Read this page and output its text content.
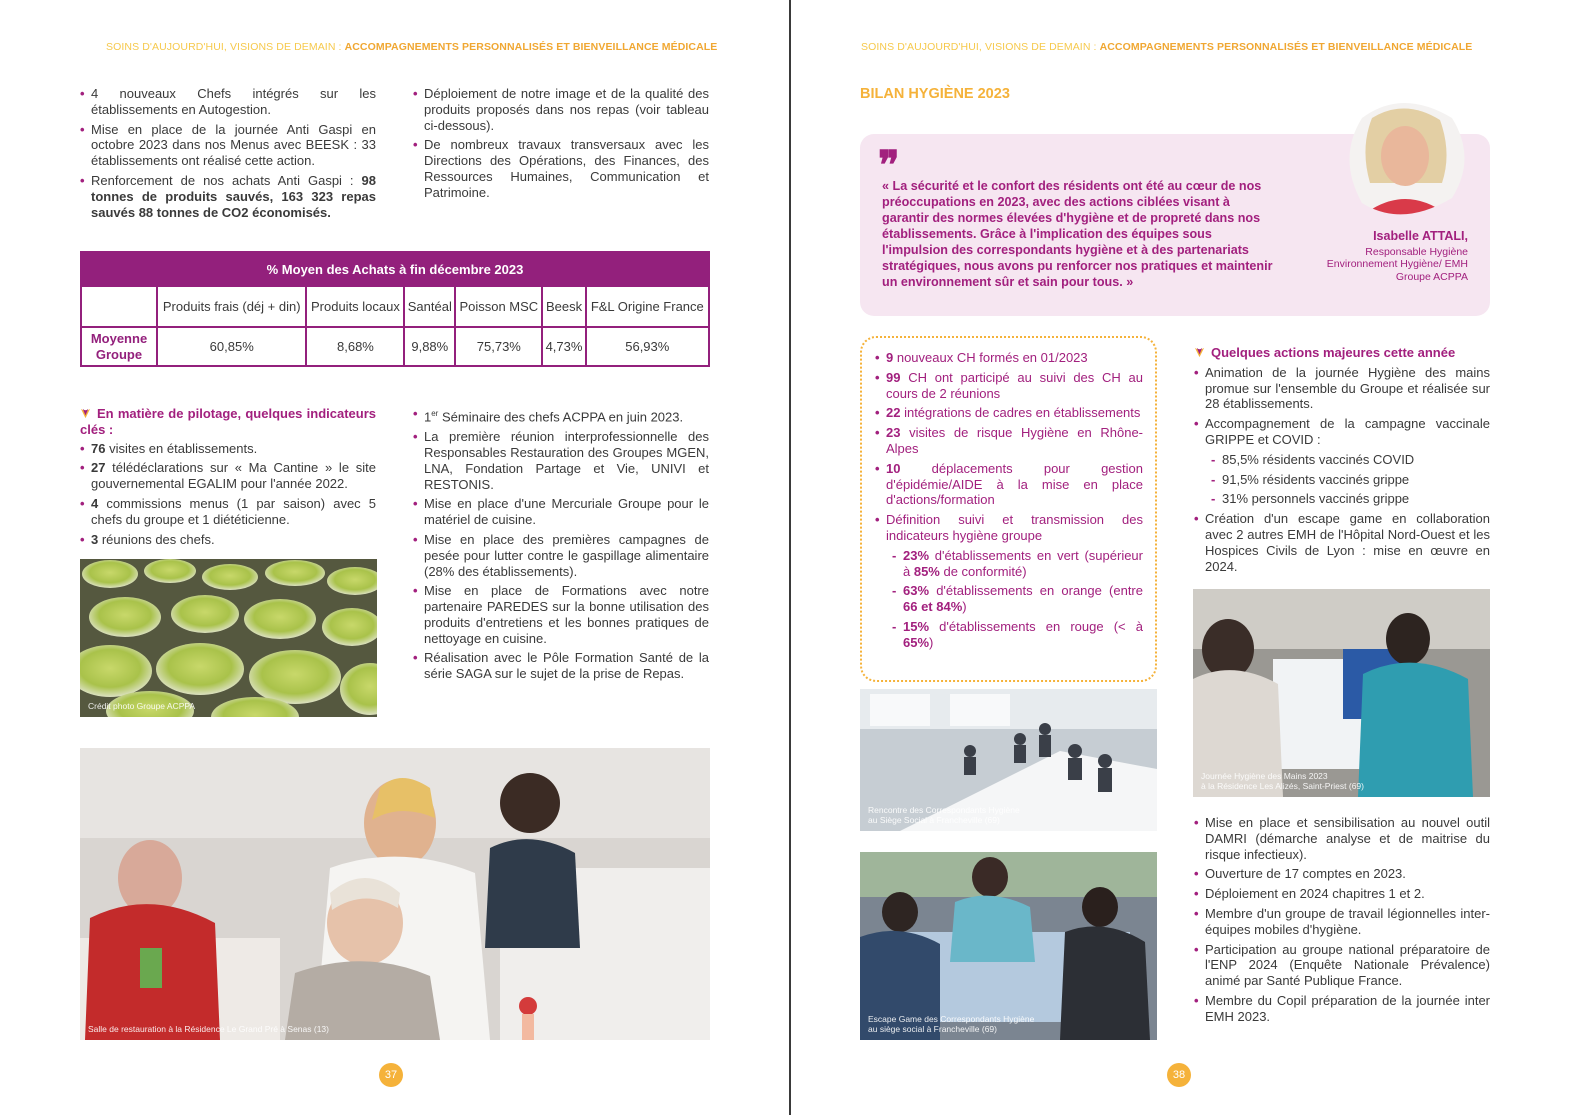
SOINS D'AUJOURD'HUI, VISIONS DE DEMAIN : ACCOMPAGNEMENTS PERSONNALISÉS ET BIENVEILLANCE MÉDICALE
• 4 nouveaux Chefs intégrés sur les établissements en Autogestion.
• Mise en place de la journée Anti Gaspi en octobre 2023 dans nos Menus avec BEESK : 33 établissements ont réalisé cette action.
• Renforcement de nos achats Anti Gaspi : 98 tonnes de produits sauvés, 163 323 repas sauvés 88 tonnes de CO2 économisés.
• Déploiement de notre image et de la qualité des produits proposés dans nos repas (voir tableau ci-dessous).
• De nombreux travaux transversaux avec les Directions des Opérations, des Finances, des Ressources Humaines, Communication et Patrimoine.
% Moyen des Achats à fin décembre 2023						
	Produits frais (déj + din)	Produits locaux	Santéal	Poisson MSC	Beesk	F&L Origine France
Moyenne Groupe	60,85%	8,68%	9,88%	75,73%	4,73%	56,93%
En matière de pilotage, quelques indicateurs clés :
• 76 visites en établissements.
• 27 télédéclarations sur « Ma Cantine » le site gouvernemental EGALIM pour l'année 2022.
• 4 commissions menus (1 par saison) avec 5 chefs du groupe et 1 diététicienne.
• 3 réunions des chefs.
• 1er Séminaire des chefs ACPPA en juin 2023.
• La première réunion interprofessionnelle des Responsables Restauration des Groupes MGEN, LNA, Fondation Partage et Vie, UNIVI et RESTONIS.
• Mise en place d'une Mercuriale Groupe pour le matériel de cuisine.
• Mise en place des premières campagnes de pesée pour lutter contre le gaspillage alimentaire (28% des établissements).
• Mise en place de Formations avec notre partenaire PAREDES sur la bonne utilisation des produits d'entretiens et les bonnes pratiques de nettoyage en cuisine.
• Réalisation avec le Pôle Formation Santé de la série SAGA sur le sujet de la prise de Repas.
Crédit photo Groupe ACPPA
Salle de restauration à la Résidence Le Grand Pré à Senas (13)
37
SOINS D'AUJOURD'HUI, VISIONS DE DEMAIN : ACCOMPAGNEMENTS PERSONNALISÉS ET BIENVEILLANCE MÉDICALE
BILAN HYGIÈNE 2023
❞
« La sécurité et le confort des résidents ont été au cœur de nos préoccupations en 2023, avec des actions ciblées visant à garantir des normes élevées d'hygiène et de propreté dans nos établissements. Grâce à l'implication des équipes sous l'impulsion des correspondants hygiène et à des partenariats stratégiques, nous avons pu renforcer nos pratiques et maintenir un environnement sûr et sain pour tous. »
Isabelle ATTALI,
Responsable Hygiène Environnement Hygiène/ EMH Groupe ACPPA
• 9 nouveaux CH formés en 01/2023
• 99 CH ont participé au suivi des CH au cours de 2 réunions
• 22 intégrations de cadres en établissements
• 23 visites de risque Hygiène en Rhône-Alpes
• 10 déplacements pour gestion d'épidémie/AIDE à la mise en place d'actions/formation
• Définition suivi et transmission des indicateurs hygiène groupe
- 23% d'établissements en vert (supérieur à 85% de conformité)
- 63% d'établissements en orange (entre 66 et 84%)
- 15% d'établissements en rouge (< à 65%)
Quelques actions majeures cette année
• Animation de la journée Hygiène des mains promue sur l'ensemble du Groupe et réalisée sur 28 établissements.
• Accompagnement de la campagne vaccinale GRIPPE et COVID :
- 85,5% résidents vaccinés COVID
- 91,5% résidents vaccinés grippe
- 31% personnels vaccinés grippe
• Création d'un escape game en collaboration avec 2 autres EMH de l'Hôpital Nord-Ouest et les Hospices Civils de Lyon : mise en œuvre en 2024.
Rencontre des Correspondants Hygiène
au Siège Social à Francheville (69)
Journée Hygiène des Mains 2023
à la Résidence Les Alizés, Saint-Priest (69)
• Mise en place et sensibilisation au nouvel outil DAMRI (démarche analyse et de maitrise du risque infectieux).
• Ouverture de 17 comptes en 2023.
• Déploiement en 2024 chapitres 1 et 2.
• Membre d'un groupe de travail légionnelles inter-équipes mobiles d'hygiène.
• Participation au groupe national préparatoire de l'ENP 2024 (Enquête Nationale Prévalence) animé par Santé Publique France.
• Membre du Copil préparation de la journée inter EMH 2023.
Escape Game des Correspondants Hygiène
au siège social à Francheville (69)
38
